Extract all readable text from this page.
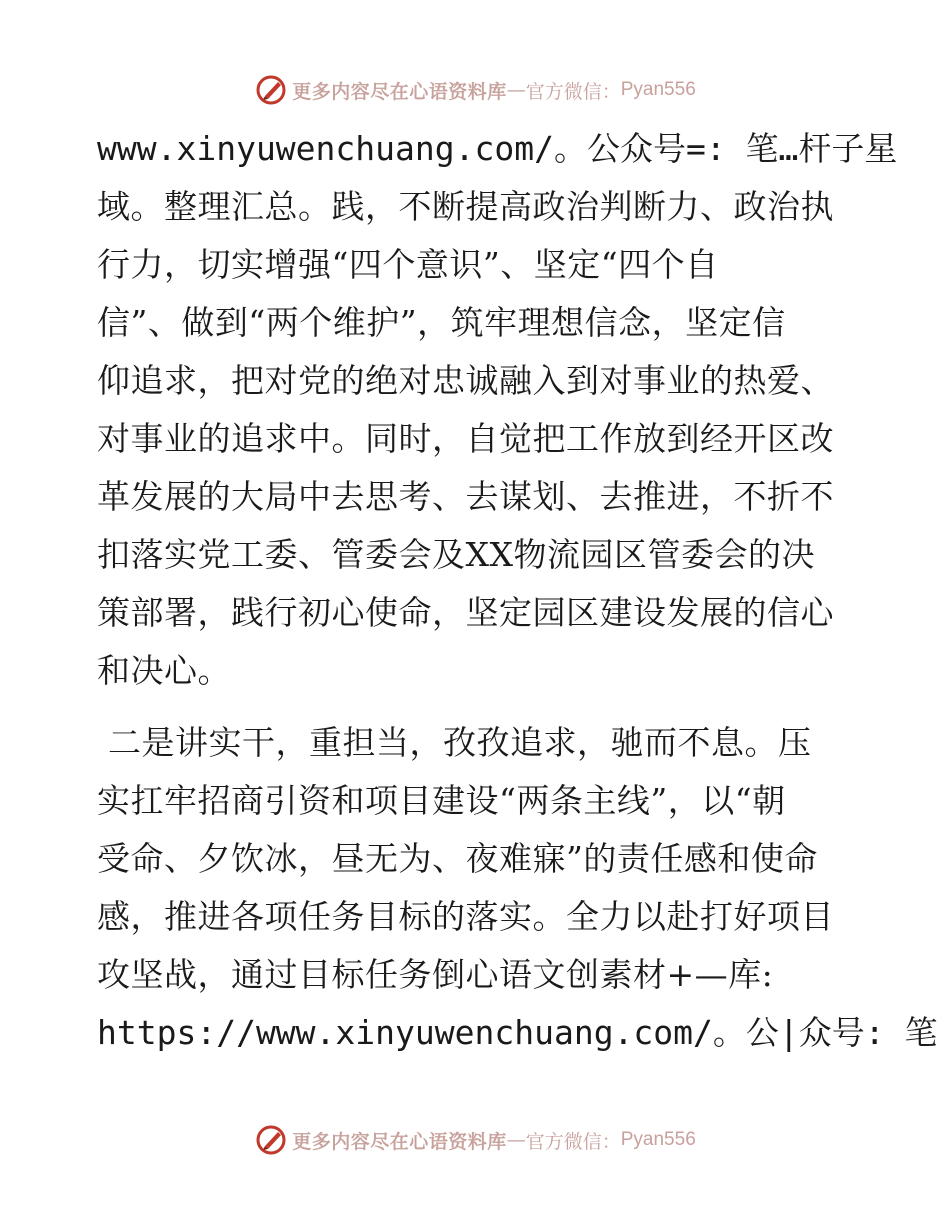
更多内容尽在心语资料库 — 官方微信： Pyan556
www.xinyuwenchuang.com/。公众号=: 笔…杆子星
域。整理汇总。践，不断提高政治判断力、政治执
行力，切实增强“四个意识”、坚定“四个自
信”、做到“两个维护”，筑牢理想信念，坚定信
仰追求，把对党的绝对忠诚融入到对事业的热爱、
对事业的追求中。同时，自觉把工作放到经开区改
革发展的大局中去思考、去谋划、去推进，不折不
扣落实党工委、管委会及XX物流园区管委会的决
策部署，践行初心使命，坚定园区建设发展的信心
和决心。
二是讲实干，重担当，孜孜追求，驰而不息。压
实扛牢招商引资和项目建设“两条主线”，以“朝
受命、夕饮冰，昼无为、夜难寐”的责任感和使命
感，推进各项任务目标的落实。全力以赴打好项目
攻坚战，通过目标任务倒心语文创素材+—库:
https://www.xinyuwenchuang.com/。公|众号: 笔
更多内容尽在心语资料库 — 官方微信： Pyan556
